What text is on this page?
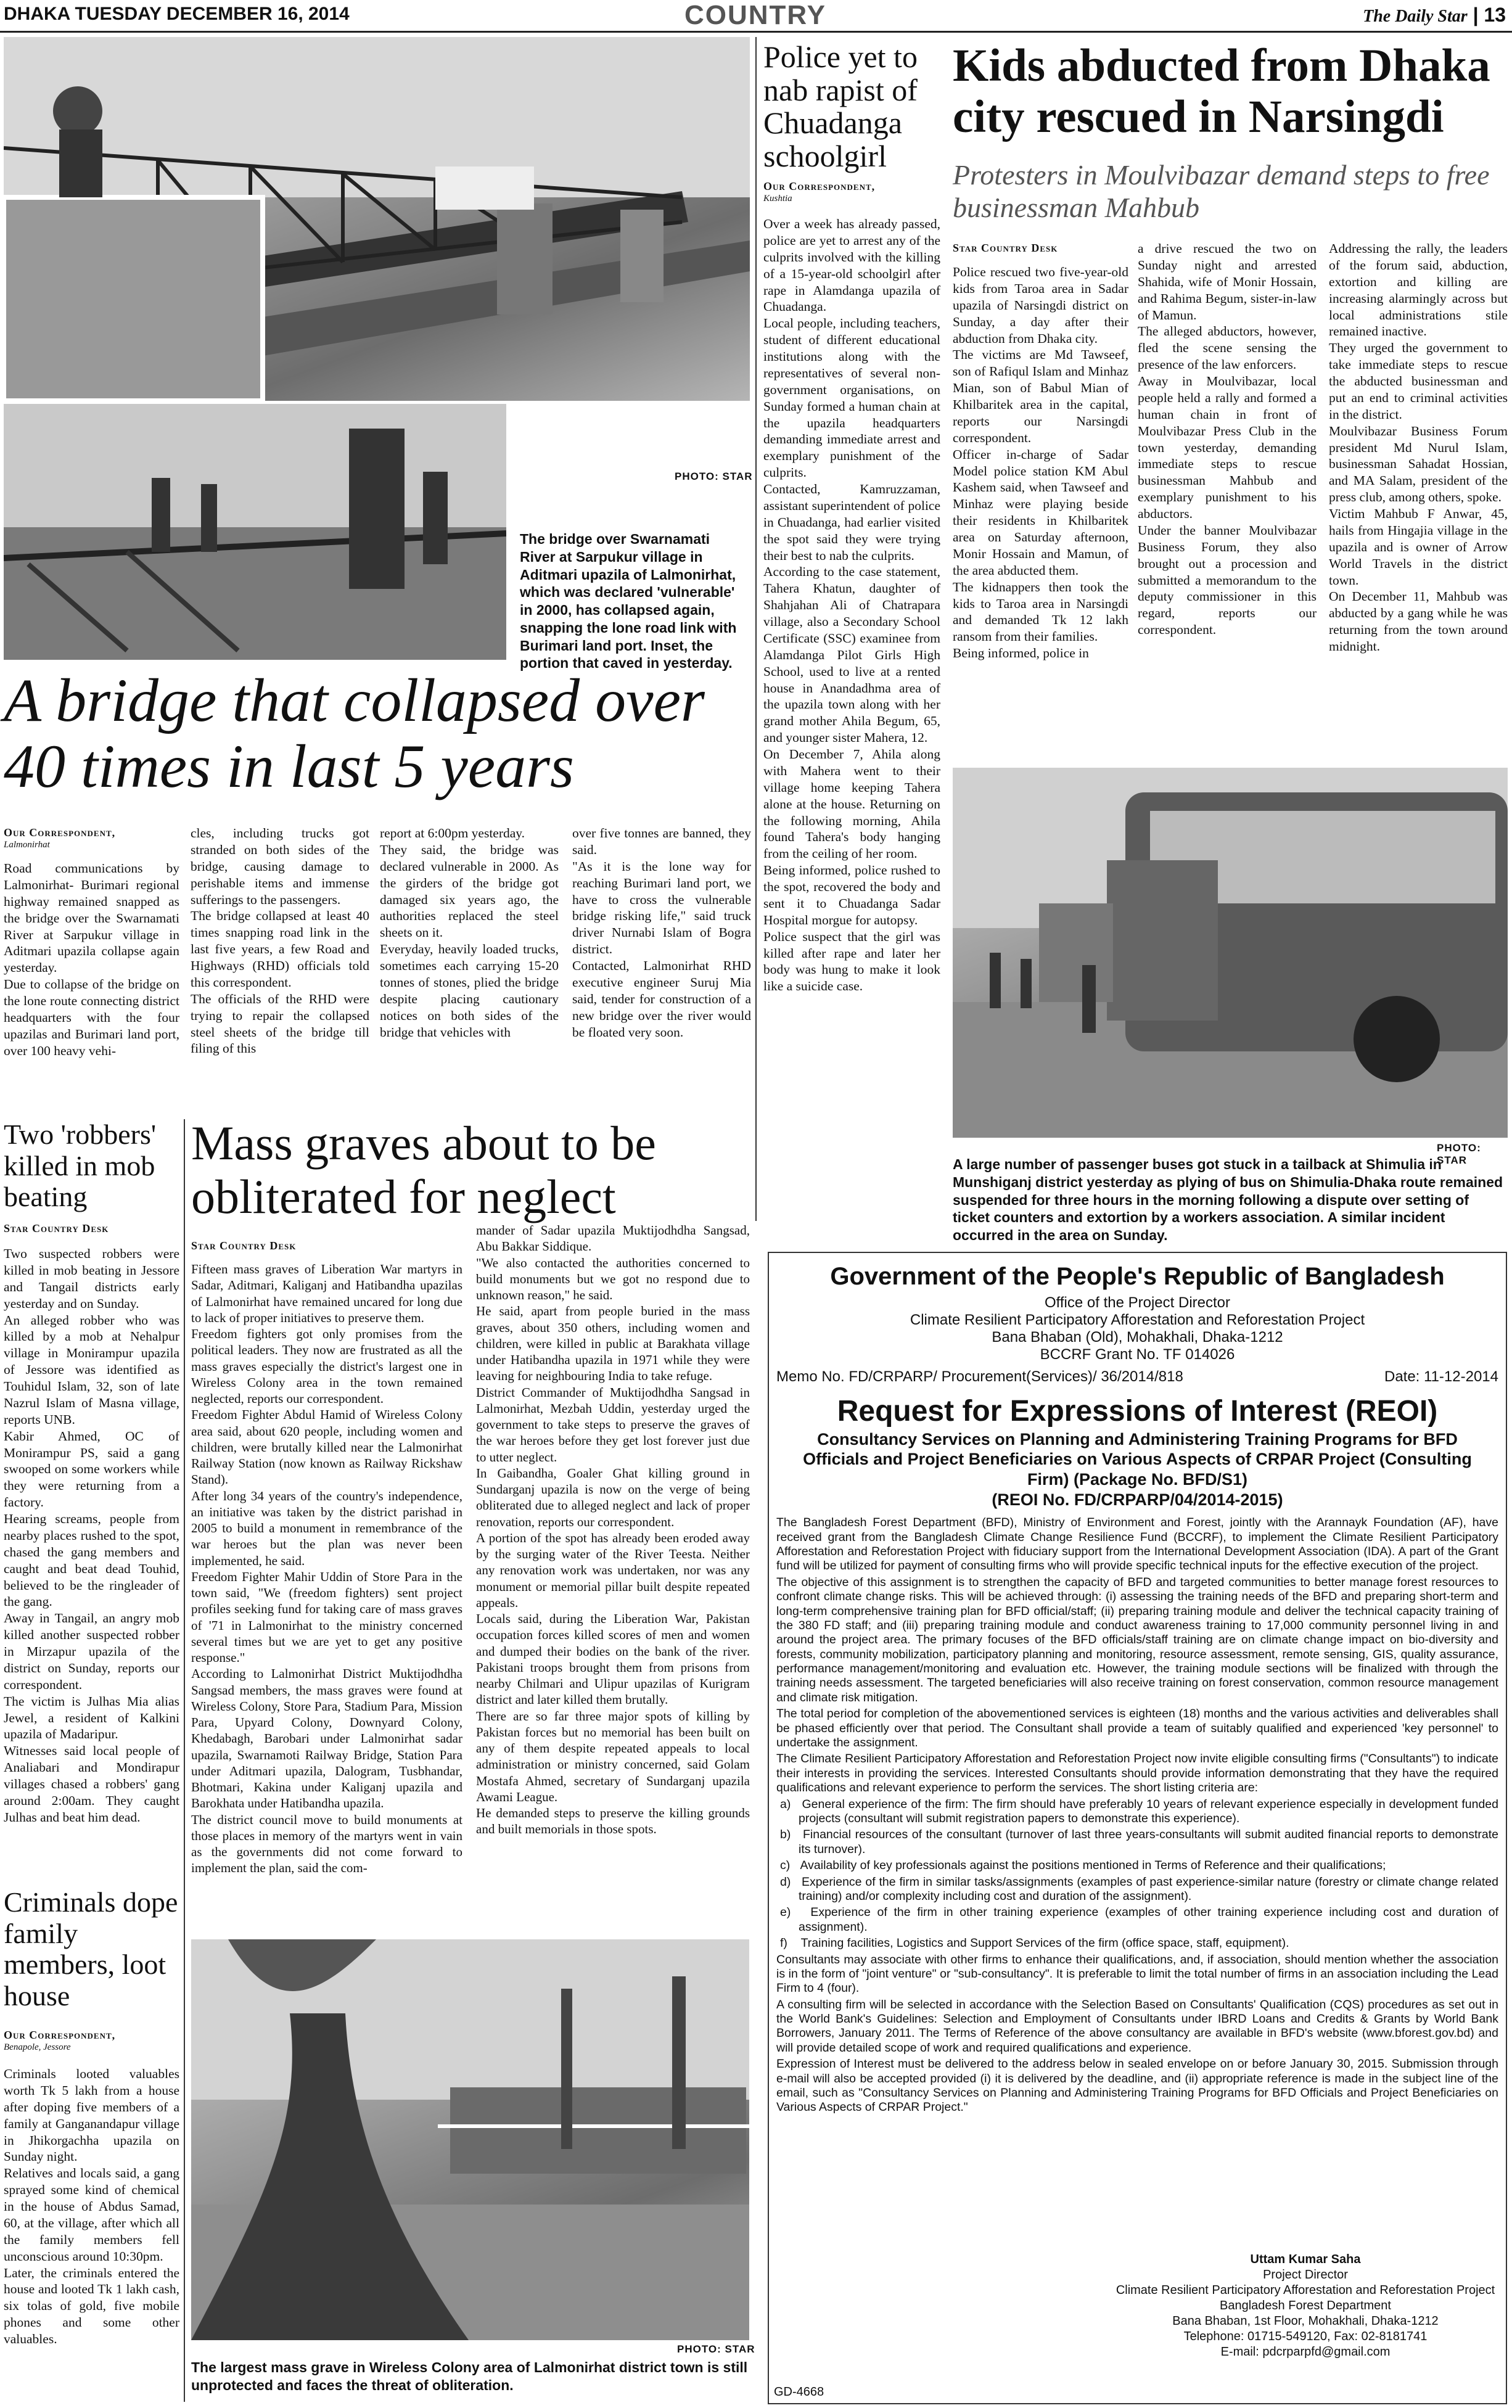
DHAKA TUESDAY DECEMBER 16, 2014	COUNTRY	The Daily Star | 13
PHOTO: STAR
The bridge over Swarnamati River at Sarpukur village in Aditmari upazila of Lalmonirhat, which was declared 'vulnerable' in 2000, has collapsed again, snapping the lone road link with Burimari land port. Inset, the portion that caved in yesterday.
A bridge that collapsed over 40 times in last 5 years
Our Correspondent,
Lalmonirhat
Road communications by Lalmonirhat- Burimari regional highway remained snapped as the bridge over the Swarnamati River at Sarpukur village in Aditmari upazila collapse again yesterday.
Due to collapse of the bridge on the lone route connecting district headquarters with the four upazilas and Burimari land port, over 100 heavy vehi-
cles, including trucks got stranded on both sides of the bridge, causing damage to perishable items and immense sufferings to the passengers.
The bridge collapsed at least 40 times snapping road link in the last five years, a few Road and Highways (RHD) officials told this correspondent.
The officials of the RHD were trying to repair the collapsed steel sheets of the bridge till filing of this
report at 6:00pm yesterday.
They said, the bridge was declared vulnerable in 2000. As the girders of the bridge got damaged six years ago, the authorities replaced the steel sheets on it.
Everyday, heavily loaded trucks, sometimes each carrying 15-20 tonnes of stones, plied the bridge despite placing cautionary notices on both sides of the bridge that vehicles with
over five tonnes are banned, they said.
"As it is the lone way for reaching Burimari land port, we have to cross the vulnerable bridge risking life," said truck driver Nurnabi Islam of Bogra district.
Contacted, Lalmonirhat RHD executive engineer Suruj Mia said, tender for construction of a new bridge over the river would be floated very soon.
Police yet to nab rapist of Chuadanga schoolgirl
Our Correspondent,
Kushtia
Over a week has already passed, police are yet to arrest any of the culprits involved with the killing of a 15-year-old schoolgirl after rape in Alamdanga upazila of Chuadanga.
Local people, including teachers, student of different educational institutions along with the representatives of several non-government organisations, on Sunday formed a human chain at the upazila headquarters demanding immediate arrest and exemplary punishment of the culprits.
Contacted, Kamruzzaman, assistant superintendent of police in Chuadanga, had earlier visited the spot said they were trying their best to nab the culprits.
According to the case statement, Tahera Khatun, daughter of Shahjahan Ali of Chatrapara village, also a Secondary School Certificate (SSC) examinee from Alamdanga Pilot Girls High School, used to live at a rented house in Anandadhma area of the upazila town along with her grand mother Ahila Begum, 65, and younger sister Mahera, 12.
On December 7, Ahila along with Mahera went to their village home keeping Tahera alone at the house. Returning on the following morning, Ahila found Tahera's body hanging from the ceiling of her room.
Being informed, police rushed to the spot, recovered the body and sent it to Chuadanga Sadar Hospital morgue for autopsy.
Police suspect that the girl was killed after rape and later her body was hung to make it look like a suicide case.
Kids abducted from Dhaka city rescued in Narsingdi
Protesters in Moulvibazar demand steps to free businessman Mahbub
Star Country Desk
Police rescued two five-year-old kids from Taroa area in Sadar upazila of Narsingdi district on Sunday, a day after their abduction from Dhaka city.
The victims are Md Tawseef, son of Rafiqul Islam and Minhaz Mian, son of Babul Mian of Khilbaritek area in the capital, reports our Narsingdi correspondent.
Officer in-charge of Sadar Model police station KM Abul Kashem said, when Tawseef and Minhaz were playing beside their residents in Khilbaritek area on Saturday afternoon, Monir Hossain and Mamun, of the area abducted them.
The kidnappers then took the kids to Taroa area in Narsingdi and demanded Tk 12 lakh ransom from their families.
Being informed, police in
a drive rescued the two on Sunday night and arrested Shahida, wife of Monir Hossain, and Rahima Begum, sister-in-law of Mamun.
The alleged abductors, however, fled the scene sensing the presence of the law enforcers.
Away in Moulvibazar, local people held a rally and formed a human chain in front of Moulvibazar Press Club in the town yesterday, demanding immediate steps to rescue businessman Mahbub and exemplary punishment to his abductors.
Under the banner Moulvibazar Business Forum, they also brought out a procession and submitted a memorandum to the deputy commissioner in this regard, reports our correspondent.
Addressing the rally, the leaders of the forum said, abduction, extortion and killing are increasing alarmingly across but local administrations stile remained inactive.
They urged the government to take immediate steps to rescue the abducted businessman and put an end to criminal activities in the district.
Moulvibazar Business Forum president Md Nurul Islam, businessman Sahadat Hossian, and MA Salam, president of the press club, among others, spoke.
Victim Mahbub F Anwar, 45, hails from Hingajia village in the upazila and is owner of Arrow World Travels in the district town.
On December 11, Mahbub was abducted by a gang while he was returning from the town around midnight.
PHOTO: STAR
A large number of passenger buses got stuck in a tailback at Shimulia in Munshiganj district yesterday as plying of bus on Shimulia-Dhaka route remained suspended for three hours in the morning following a dispute over setting of ticket counters and extortion by a workers association. A similar incident occurred in the area on Sunday.
Two 'robbers' killed in mob beating
Star Country Desk
Two suspected robbers were killed in mob beating in Jessore and Tangail districts early yesterday and on Sunday.
An alleged robber who was killed by a mob at Nehalpur village in Monirampur upazila of Jessore was identified as Touhidul Islam, 32, son of late Nazrul Islam of Masna village, reports UNB.
Kabir Ahmed, OC of Monirampur PS, said a gang swooped on some workers while they were returning from a factory.
Hearing screams, people from nearby places rushed to the spot, chased the gang members and caught and beat dead Touhid, believed to be the ringleader of the gang.
Away in Tangail, an angry mob killed another suspected robber in Mirzapur upazila of the district on Sunday, reports our correspondent.
The victim is Julhas Mia alias Jewel, a resident of Kalkini upazila of Madaripur.
Witnesses said local people of Analiabari and Mondirapur villages chased a robbers' gang around 2:00am. They caught Julhas and beat him dead.
Criminals dope family members, loot house
Our Correspondent,
Benapole, Jessore
Criminals looted valuables worth Tk 5 lakh from a house after doping five members of a family at Ganganandapur village in Jhikorgachha upazila on Sunday night.
Relatives and locals said, a gang sprayed some kind of chemical in the house of Abdus Samad, 60, at the village, after which all the family members fell unconscious around 10:30pm.
Later, the criminals entered the house and looted Tk 1 lakh cash, six tolas of gold, five mobile phones and some other valuables.
Mass graves about to be obliterated for neglect
Star Country Desk
Fifteen mass graves of Liberation War martyrs in Sadar, Aditmari, Kaliganj and Hatibandha upazilas of Lalmonirhat have remained uncared for long due to lack of proper initiatives to preserve them.
Freedom fighters got only promises from the political leaders. They now are frustrated as all the mass graves especially the district's largest one in Wireless Colony area in the town remained neglected, reports our correspondent.
Freedom Fighter Abdul Hamid of Wireless Colony area said, about 620 people, including women and children, were brutally killed near the Lalmonirhat Railway Station (now known as Railway Rickshaw Stand).
After long 34 years of the country's independence, an initiative was taken by the district parishad in 2005 to build a monument in remembrance of the war heroes but the plan was never been implemented, he said.
Freedom Fighter Mahir Uddin of Store Para in the town said, "We (freedom fighters) sent project profiles seeking fund for taking care of mass graves of '71 in Lalmonirhat to the ministry concerned several times but we are yet to get any positive response."
According to Lalmonirhat District Muktijodhdha Sangsad members, the mass graves were found at Wireless Colony, Store Para, Stadium Para, Mission Para, Upyard Colony, Downyard Colony, Khedabagh, Barobari under Lalmonirhat sadar upazila, Swarnamoti Railway Bridge, Station Para under Aditmari upazila, Dalogram, Tusbhandar, Bhotmari, Kakina under Kaliganj upazila and Barokhata under Hatibandha upazila.
The district council move to build monuments at those places in memory of the martyrs went in vain as the governments did not come forward to implement the plan, said the com-
mander of Sadar upazila Muktijodhdha Sangsad, Abu Bakkar Siddique.
"We also contacted the authorities concerned to build monuments but we got no respond due to unknown reason," he said.
He said, apart from people buried in the mass graves, about 350 others, including women and children, were killed in public at Barakhata village under Hatibandha upazila in 1971 while they were leaving for neighbouring India to take refuge.
District Commander of Muktijodhdha Sangsad in Lalmonirhat, Mezbah Uddin, yesterday urged the government to take steps to preserve the graves of the war heroes before they get lost forever just due to utter neglect.
In Gaibandha, Goaler Ghat killing ground in Sundarganj upazila is now on the verge of being obliterated due to alleged neglect and lack of proper renovation, reports our correspondent.
A portion of the spot has already been eroded away by the surging water of the River Teesta. Neither any renovation work was undertaken, nor was any monument or memorial pillar built despite repeated appeals.
Locals said, during the Liberation War, Pakistan occupation forces killed scores of men and women and dumped their bodies on the bank of the river. Pakistani troops brought them from prisons from nearby Chilmari and Ulipur upazilas of Kurigram district and later killed them brutally.
There are so far three major spots of killing by Pakistan forces but no memorial has been built on any of them despite repeated appeals to local administration or ministry concerned, said Golam Mostafa Ahmed, secretary of Sundarganj upazila Awami League.
He demanded steps to preserve the killing grounds and built memorials in those spots.
PHOTO: STAR
The largest mass grave in Wireless Colony area of Lalmonirhat district town is still unprotected and faces the threat of obliteration.
Government of the People's Republic of Bangladesh
Office of the Project Director
Climate Resilient Participatory Afforestation and Reforestation Project
Bana Bhaban (Old), Mohakhali, Dhaka-1212
BCCRF Grant No. TF 014026
Memo No. FD/CRPARP/ Procurement(Services)/ 36/2014/818	Date: 11-12-2014
Request for Expressions of Interest (REOI)
Consultancy Services on Planning and Administering Training Programs for BFD Officials and Project Beneficiaries on Various Aspects of CRPAR Project (Consulting Firm) (Package No. BFD/S1)
(REOI No. FD/CRPARP/04/2014-2015)

The Bangladesh Forest Department (BFD), Ministry of Environment and Forest, jointly with the Arannayk Foundation (AF), have received grant from the Bangladesh Climate Change Resilience Fund (BCCRF), to implement the Climate Resilient Participatory Afforestation and Reforestation Project with fiduciary support from the International Development Association (IDA). A part of the Grant fund will be utilized for payment of consulting firms who will provide specific technical inputs for the effective execution of the project.

The objective of this assignment is to strengthen the capacity of BFD and targeted communities to better manage forest resources to confront climate change risks. This will be achieved through: (i) assessing the training needs of the BFD and preparing short-term and long-term comprehensive training plan for BFD official/staff; (ii) preparing training module and deliver the technical capacity training of the 380 FD staff; and (iii) preparing training module and conduct awareness training to 17,000 community personnel living in and around the project area. The primary focuses of the BFD officials/staff training are on climate change impact on bio-diversity and forests, community mobilization, participatory planning and monitoring, resource assessment, remote sensing, GIS, quality assurance, performance management/monitoring and evaluation etc. However, the training module sections will be finalized with through the training needs assessment. The targeted beneficiaries will also receive training on forest conservation, common resource management and climate risk mitigation.

The total period for completion of the abovementioned services is eighteen (18) months and the various activities and deliverables shall be phased efficiently over that period. The Consultant shall provide a team of suitably qualified and experienced 'key personnel' to undertake the assignment.

The Climate Resilient Participatory Afforestation and Reforestation Project now invite eligible consulting firms ("Consultants") to indicate their interests in providing the services. Interested Consultants should provide information demonstrating that they have the required qualifications and relevant experience to perform the services. The short listing criteria are:

a)   General experience of the firm: The firm should have preferably 10 years of relevant experience especially in development funded projects (consultant will submit registration papers to demonstrate this experience).

b)   Financial resources of the consultant (turnover of last three years-consultants will submit audited financial reports to demonstrate its turnover).

c)   Availability of key professionals against the positions mentioned in Terms of Reference and their qualifications;

d)   Experience of the firm in similar tasks/assignments (examples of past experience-similar nature (forestry or climate change related training) and/or complexity including cost and duration of the assignment).

e)   Experience of the firm in other training experience (examples of other training experience including cost and duration of assignment).

f)    Training facilities, Logistics and Support Services of the firm (office space, staff, equipment).

Consultants may associate with other firms to enhance their qualifications, and, if association, should mention whether the association is in the form of "joint venture" or "sub-consultancy". It is preferable to limit the total number of firms in an association including the Lead Firm to 4 (four).

A consulting firm will be selected in accordance with the Selection Based on Consultants' Qualification (CQS) procedures as set out in the World Bank's Guidelines: Selection and Employment of Consultants under IBRD Loans and Credits & Grants by World Bank Borrowers, January 2011. The Terms of Reference of the above consultancy are available in BFD's website (www.bforest.gov.bd) and will provide detailed scope of work and required qualifications and experience.

Expression of Interest must be delivered to the address below in sealed envelope on or before January 30, 2015. Submission through e-mail will also be accepted provided (i) it is delivered by the deadline, and (ii) appropriate reference is made in the subject line of the email, such as "Consultancy Services on Planning and Administering Training Programs for BFD Officials and Project Beneficiaries on Various Aspects of CRPAR Project."

Uttam Kumar Saha
Project Director
Climate Resilient Participatory Afforestation and Reforestation Project
Bangladesh Forest Department
Bana Bhaban, 1st Floor, Mohakhali, Dhaka-1212
Telephone: 01715-549120, Fax: 02-8181741
E-mail: pdcrparpfd@gmail.com
GD-4668
